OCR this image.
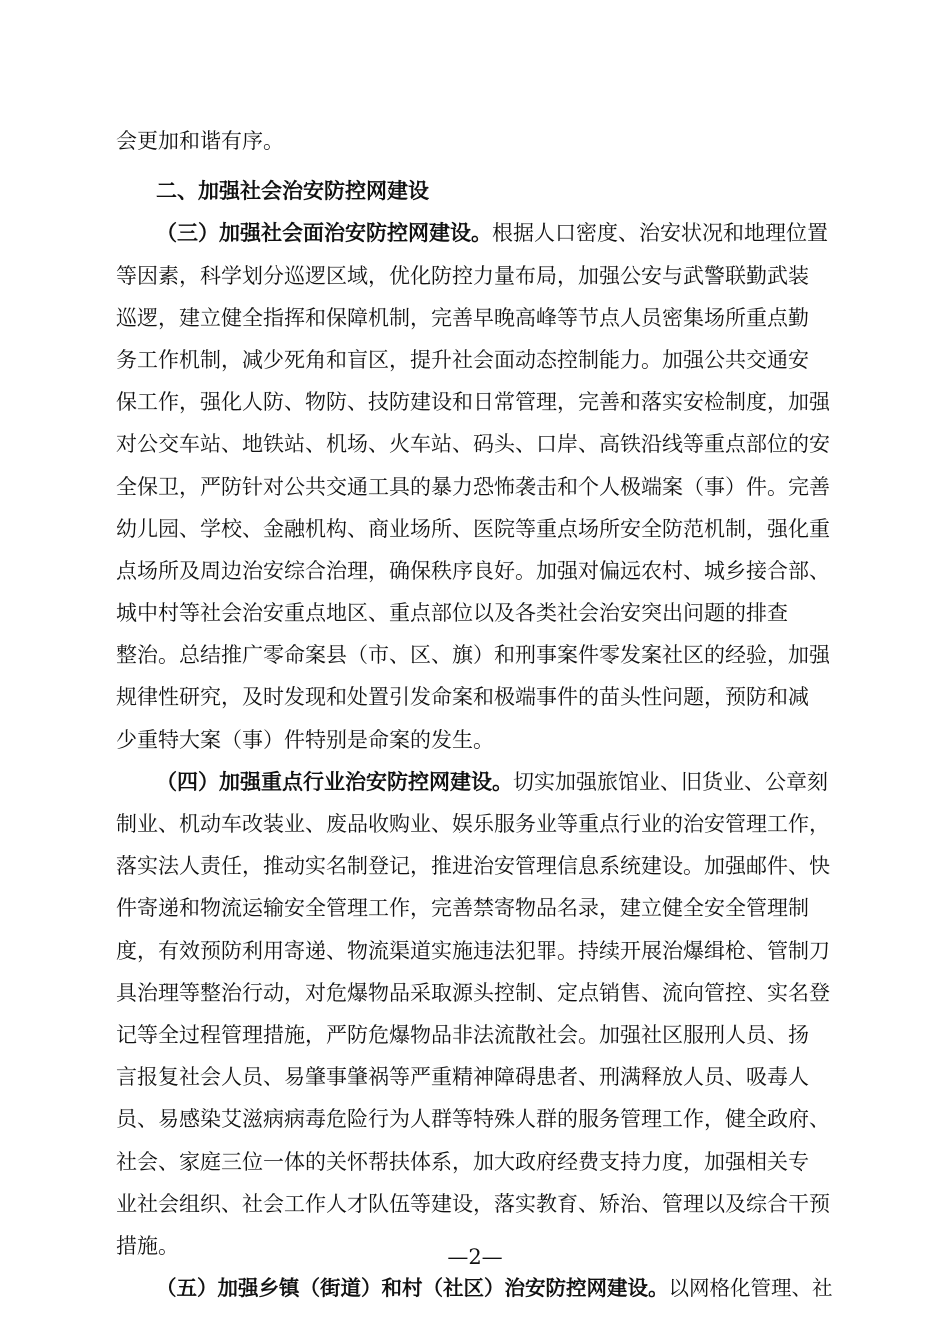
会更加和谐有序。
二、加强社会治安防控网建设
（三）加强社会面治安防控网建设。根据人口密度、治安状况和地理位置
等因素，科学划分巡逻区域，优化防控力量布局，加强公安与武警联勤武装
巡逻，建立健全指挥和保障机制，完善早晚高峰等节点人员密集场所重点勤
务工作机制，减少死角和盲区，提升社会面动态控制能力。加强公共交通安
保工作，强化人防、物防、技防建设和日常管理，完善和落实安检制度，加强
对公交车站、地铁站、机场、火车站、码头、口岸、高铁沿线等重点部位的安
全保卫，严防针对公共交通工具的暴力恐怖袭击和个人极端案（事）件。完善
幼儿园、学校、金融机构、商业场所、医院等重点场所安全防范机制，强化重
点场所及周边治安综合治理，确保秩序良好。加强对偏远农村、城乡接合部、
城中村等社会治安重点地区、重点部位以及各类社会治安突出问题的排查
整治。总结推广零命案县（市、区、旗）和刑事案件零发案社区的经验，加强
规律性研究，及时发现和处置引发命案和极端事件的苗头性问题，预防和减
少重特大案（事）件特别是命案的发生。
（四）加强重点行业治安防控网建设。切实加强旅馆业、旧货业、公章刻
制业、机动车改装业、废品收购业、娱乐服务业等重点行业的治安管理工作，
落实法人责任，推动实名制登记，推进治安管理信息系统建设。加强邮件、快
件寄递和物流运输安全管理工作，完善禁寄物品名录，建立健全安全管理制
度，有效预防利用寄递、物流渠道实施违法犯罪。持续开展治爆缉枪、管制刀
具治理等整治行动，对危爆物品采取源头控制、定点销售、流向管控、实名登
记等全过程管理措施，严防危爆物品非法流散社会。加强社区服刑人员、扬
言报复社会人员、易肇事肇祸等严重精神障碍患者、刑满释放人员、吸毒人
员、易感染艾滋病病毒危险行为人群等特殊人群的服务管理工作，健全政府、
社会、家庭三位一体的关怀帮扶体系，加大政府经费支持力度，加强相关专
业社会组织、社会工作人才队伍等建设，落实教育、矫治、管理以及综合干预
措施。
（五）加强乡镇（街道）和村（社区）治安防控网建设。以网格化管理、社
—2—
